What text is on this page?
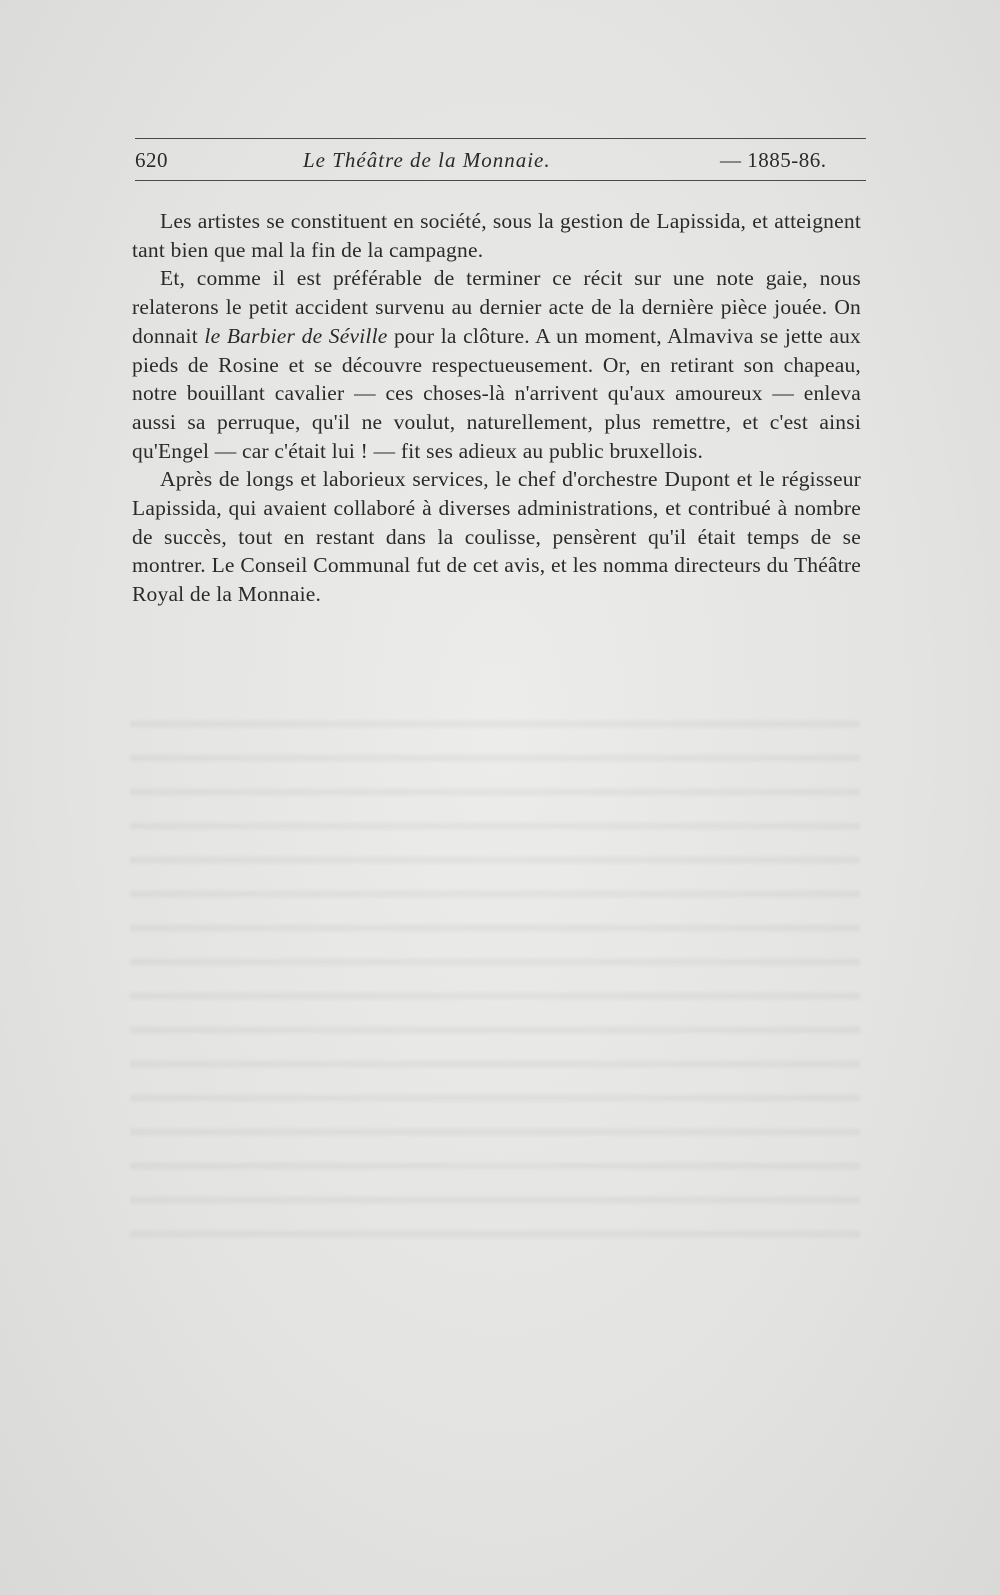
620	Le Théâtre de la Monnaie.	— 1885-86.

Les artistes se constituent en société, sous la gestion de Lapissida, et atteignent tant bien que mal la fin de la campagne.

Et, comme il est préférable de terminer ce récit sur une note gaie, nous relaterons le petit accident survenu au dernier acte de la dernière pièce jouée. On donnait le Barbier de Séville pour la clôture. A un moment, Almaviva se jette aux pieds de Rosine et se découvre respectueusement. Or, en retirant son chapeau, notre bouillant cavalier — ces choses-là n'arrivent qu'aux amoureux — enleva aussi sa perruque, qu'il ne voulut, naturellement, plus remettre, et c'est ainsi qu'Engel — car c'était lui ! — fit ses adieux au public bruxellois.

Après de longs et laborieux services, le chef d'orchestre Dupont et le régisseur Lapissida, qui avaient collaboré à diverses administrations, et contribué à nombre de succès, tout en restant dans la coulisse, pensèrent qu'il était temps de se montrer. Le Conseil Communal fut de cet avis, et les nomma directeurs du Théâtre Royal de la Monnaie.
